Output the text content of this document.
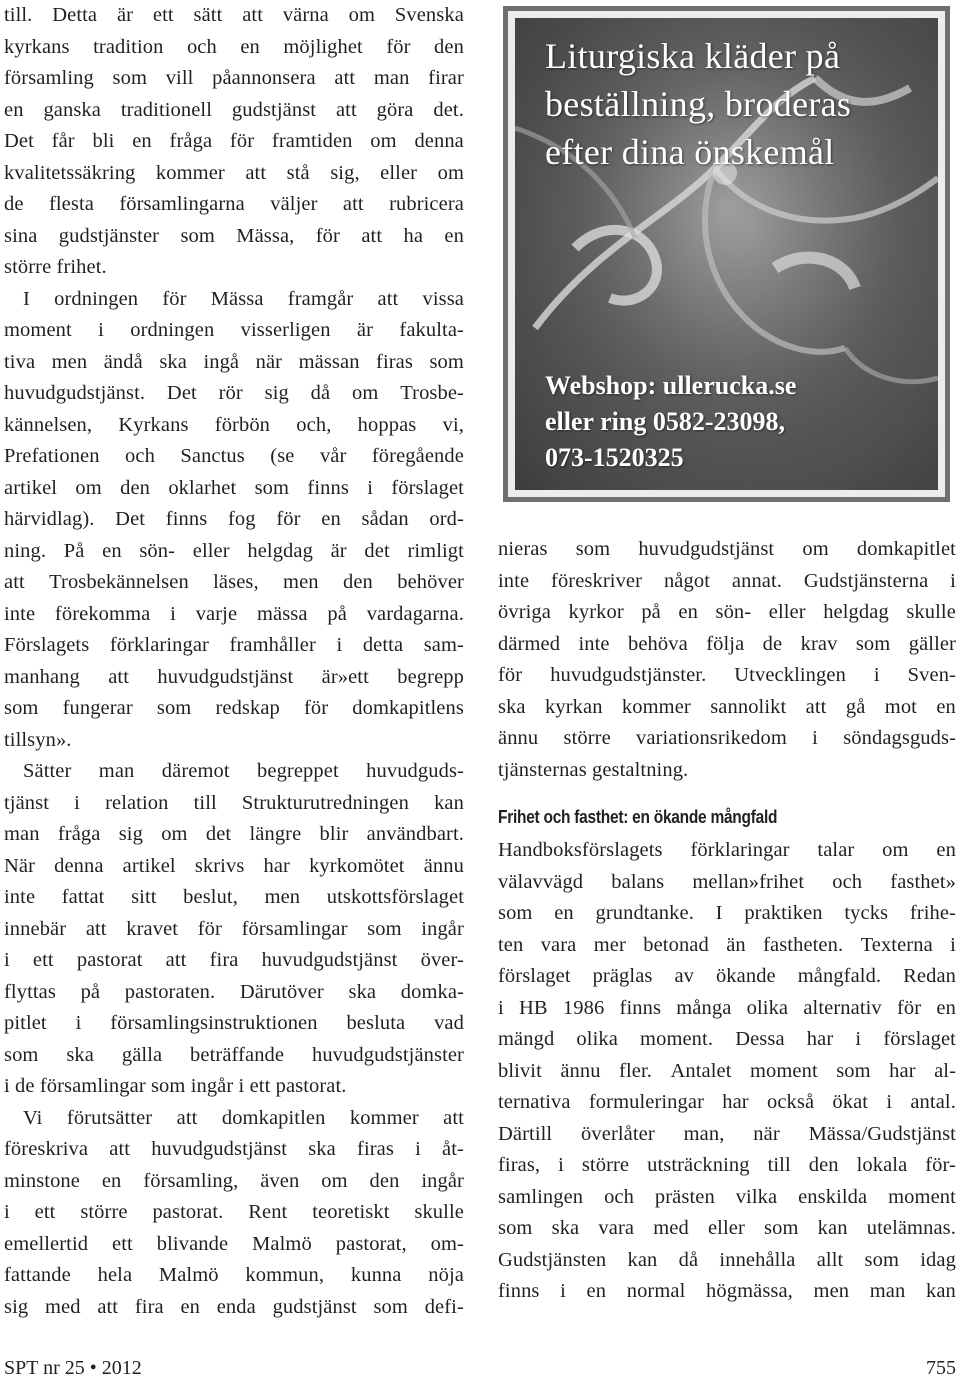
till. Detta är ett sätt att värna om Svenska
kyrkans tradition och en möjlighet för den
församling som vill påannonsera att man firar
en ganska traditionell gudstjänst att göra det.
Det får bli en fråga för framtiden om denna
kvalitetssäkring kommer att stå sig, eller om
de flesta församlingarna väljer att rubricera
sina gudstjänster som Mässa, för att ha en
större frihet.
I ordningen för Mässa framgår att vissa
moment i ordningen visserligen är fakulta-
tiva men ändå ska ingå när mässan firas som
huvudgudstjänst. Det rör sig då om Trosbe-
kännelsen, Kyrkans förbön och, hoppas vi,
Prefationen och Sanctus (se vår föregående
artikel om den oklarhet som finns i förslaget
härvidlag). Det finns fog för en sådan ord-
ning. På en sön- eller helgdag är det rimligt
att Trosbekännelsen läses, men den behöver
inte förekomma i varje mässa på vardagarna.
Förslagets förklaringar framhåller i detta sam-
manhang att huvudgudstjänst är»ett begrepp
som fungerar som redskap för domkapitlens
tillsyn».
Sätter man däremot begreppet huvudguds-
tjänst i relation till Strukturutredningen kan
man fråga sig om det längre blir användbart.
När denna artikel skrivs har kyrkomötet ännu
inte fattat sitt beslut, men utskottsförslaget
innebär att kravet för församlingar som ingår
i ett pastorat att fira huvudgudstjänst över-
flyttas på pastoraten. Därutöver ska domka-
pitlet i församlingsinstruktionen besluta vad
som ska gälla beträffande huvudgudstjänster
i de församlingar som ingår i ett pastorat.
Vi förutsätter att domkapitlen kommer att
föreskriva att huvudgudstjänst ska firas i åt-
minstone en församling, även om den ingår
i ett större pastorat. Rent teoretiskt skulle
emellertid ett blivande Malmö pastorat, om-
fattande hela Malmö kommun, kunna nöja
sig med att fira en enda gudstjänst som defi-
Liturgiska kläder på
beställning, broderas
efter dina önskemål
Webshop: ullerucka.se
eller ring 0582-23098,
073-1520325
nieras som huvudgudstjänst om domkapitlet
inte föreskriver något annat. Gudstjänsterna i
övriga kyrkor på en sön- eller helgdag skulle
därmed inte behöva följa de krav som gäller
för huvudgudstjänster. Utvecklingen i Sven-
ska kyrkan kommer sannolikt att gå mot en
ännu större variationsrikedom i söndagsguds-
tjänsternas gestaltning.
Frihet och fasthet: en ökande mångfald
Handboksförslagets förklaringar talar om en
välavvägd balans mellan»frihet och fasthet»
som en grundtanke. I praktiken tycks frihe-
ten vara mer betonad än fastheten. Texterna i
förslaget präglas av ökande mångfald. Redan
i HB 1986 finns många olika alternativ för en
mängd olika moment. Dessa har i förslaget
blivit ännu fler. Antalet moment som har al-
ternativa formuleringar har också ökat i antal.
Därtill överlåter man, när Mässa/Gudstjänst
firas, i större utsträckning till den lokala för-
samlingen och prästen vilka enskilda moment
som ska vara med eller som kan utelämnas.
Gudstjänsten kan då innehålla allt som idag
finns i en normal högmässa, men man kan
SPT nr 25 • 2012	755
